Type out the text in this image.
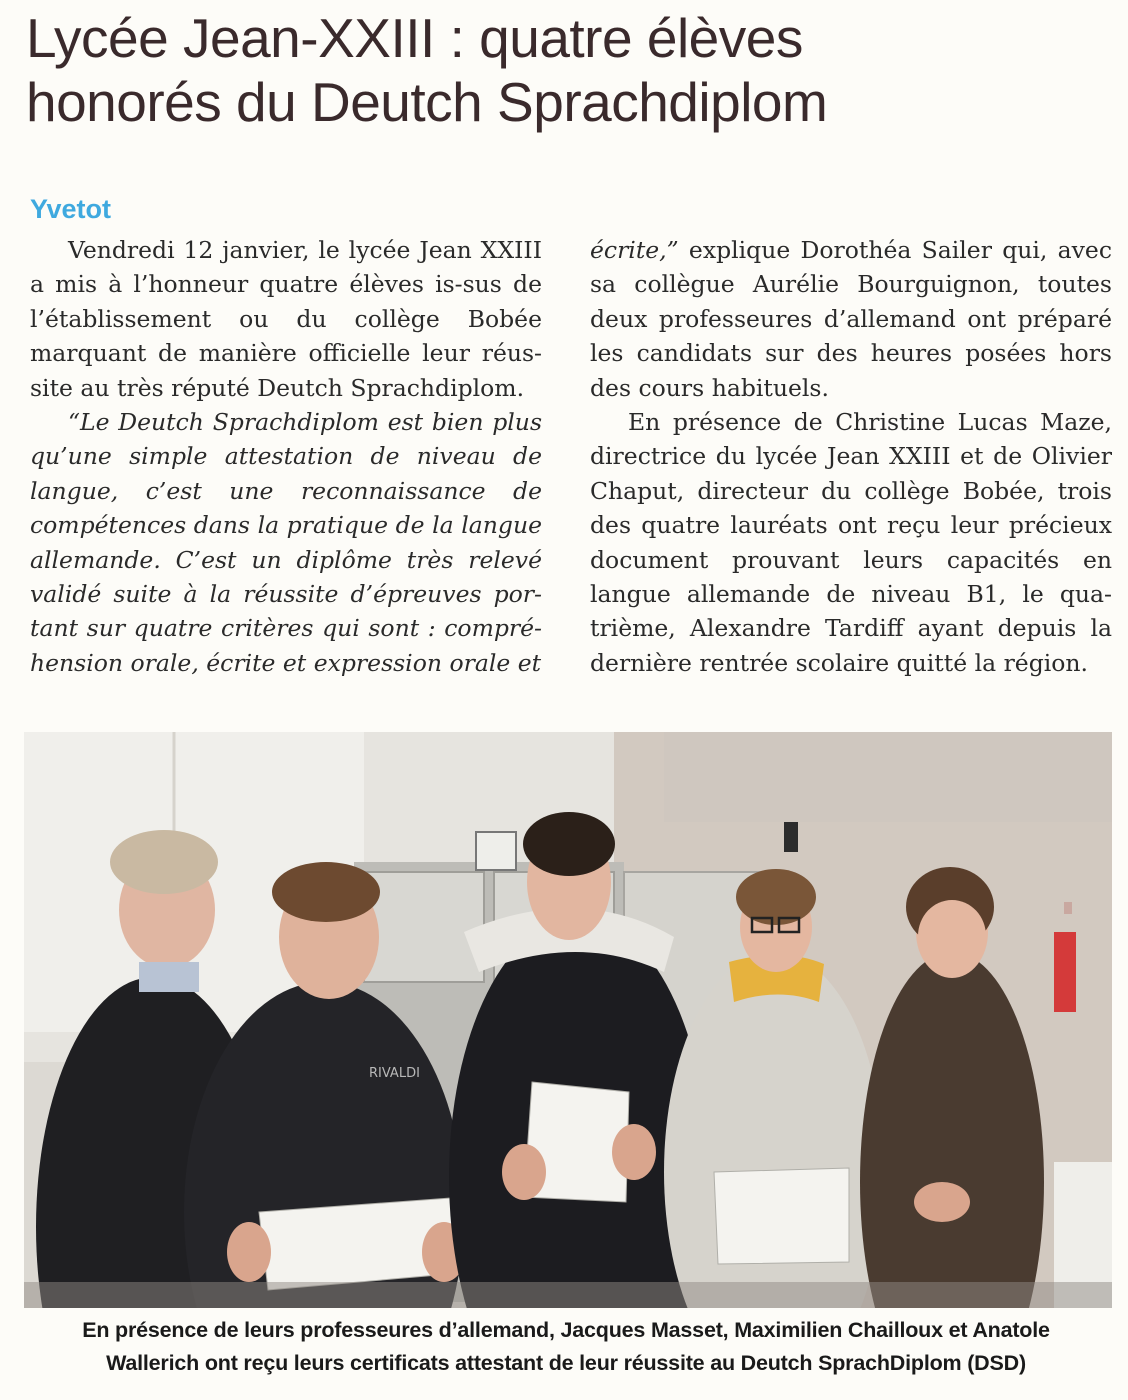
Lycée Jean-XXIII : quatre élèves
honorés du Deutch Sprachdiplom
Yvetot

Vendredi 12 janvier, le lycée Jean XXIII a mis à l’honneur quatre élèves is-sus de l’établissement ou du collège Bobée marquant de manière officielle leur réus-site au très réputé Deutch Sprachdiplom.

“Le Deutch Sprachdiplom est bien plus qu’une simple attestation de niveau de langue, c’est une reconnaissance de compétences dans la pratique de la langue allemande. C’est un diplôme très relevé validé suite à la réussite d’épreuves por-tant sur quatre critères qui sont : compré-hension orale, écrite et expression orale et

écrite,” explique Dorothéa Sailer qui, avec sa collègue Aurélie Bourguignon, toutes deux professeures d’allemand ont préparé les candidats sur des heures posées hors des cours habituels.

En présence de Christine Lucas Maze, directrice du lycée Jean XXIII et de Olivier Chaput, directeur du collège Bobée, trois des quatre lauréats ont reçu leur précieux document prouvant leurs capacités en langue allemande de niveau B1, le qua-trième, Alexandre Tardiff ayant depuis la dernière rentrée scolaire quitté la région.

RIVALDI
En présence de leurs professeures d’allemand, Jacques Masset, Maximilien Chailloux et Anatole
Wallerich ont reçu leurs certificats attestant de leur réussite au Deutch SprachDiplom (DSD)
